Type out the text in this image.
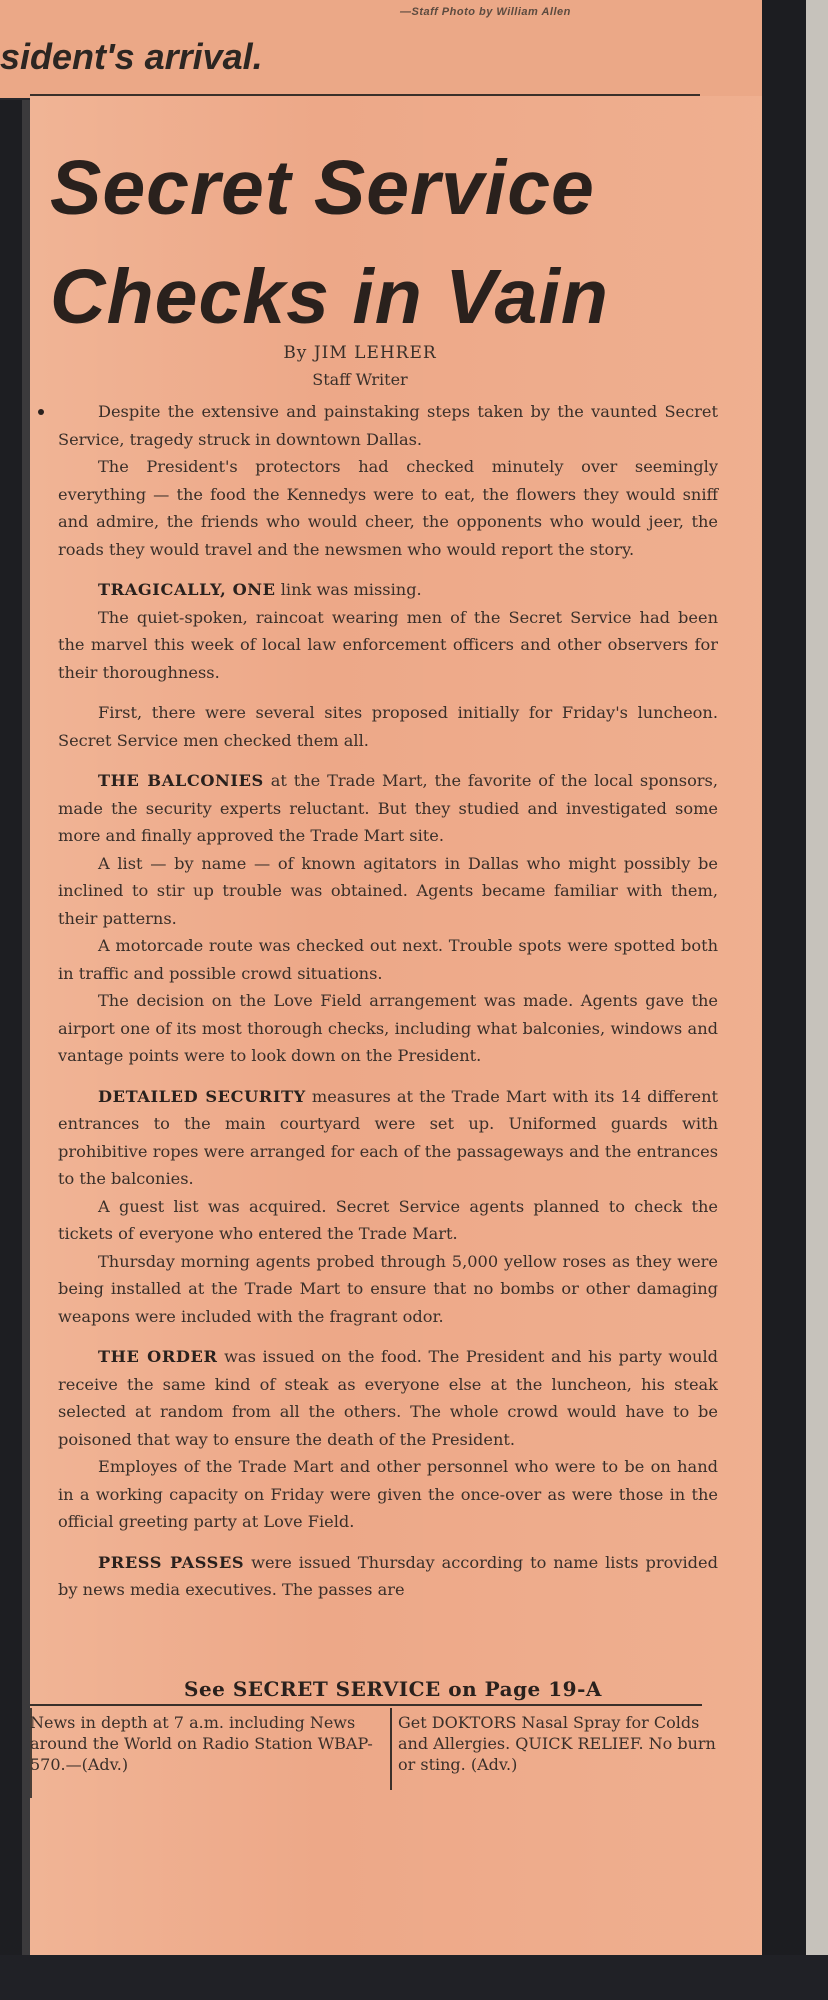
—Staff Photo by William Allen
sident's arrival.
Secret Service
Checks in Vain
By JIM LEHRER
Staff Writer

Despite the extensive and painstaking steps taken by the vaunted Secret Service, tragedy struck in downtown Dallas.

The President's protectors had checked minutely over seemingly everything — the food the Kennedys were to eat, the flowers they would sniff and admire, the friends who would cheer, the opponents who would jeer, the roads they would travel and the newsmen who would report the story.

TRAGICALLY, ONE link was missing.

The quiet-spoken, raincoat wearing men of the Secret Service had been the marvel this week of local law enforcement officers and other observers for their thoroughness.

First, there were several sites proposed initially for Friday's luncheon. Secret Service men checked them all.

THE BALCONIES at the Trade Mart, the favorite of the local sponsors, made the security experts reluctant. But they studied and investigated some more and finally approved the Trade Mart site.

A list — by name — of known agitators in Dallas who might possibly be inclined to stir up trouble was obtained. Agents became familiar with them, their patterns.

A motorcade route was checked out next. Trouble spots were spotted both in traffic and possible crowd situations.

The decision on the Love Field arrangement was made. Agents gave the airport one of its most thorough checks, including what balconies, windows and vantage points were to look down on the President.

DETAILED SECURITY measures at the Trade Mart with its 14 different entrances to the main courtyard were set up. Uniformed guards with prohibitive ropes were arranged for each of the passageways and the entrances to the balconies.

A guest list was acquired. Secret Service agents planned to check the tickets of everyone who entered the Trade Mart.

Thursday morning agents probed through 5,000 yellow roses as they were being installed at the Trade Mart to ensure that no bombs or other damaging weapons were included with the fragrant odor.

THE ORDER was issued on the food. The President and his party would receive the same kind of steak as everyone else at the luncheon, his steak selected at random from all the others. The whole crowd would have to be poisoned that way to ensure the death of the President.

Employes of the Trade Mart and other personnel who were to be on hand in a working capacity on Friday were given the once-over as were those in the official greeting party at Love Field.

PRESS PASSES were issued Thursday according to name lists provided by news media executives. The passes are

See SECRET SERVICE on Page 19-A
News in depth at 7 a.m. including News around the World on Radio Station WBAP-570.—(Adv.)
Get DOKTORS Nasal Spray for Colds and Allergies. QUICK RELIEF. No burn or sting. (Adv.)
